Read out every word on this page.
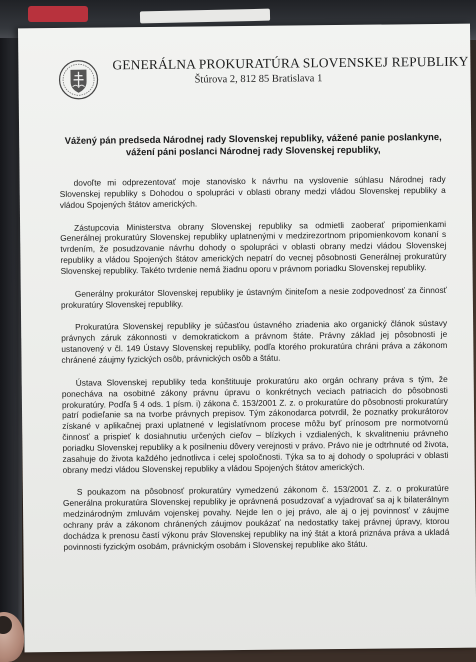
GENERÁLNA PROKURATÚRA SLOVENSKEJ REPUBLIKY
Štúrova 2, 812 85 Bratislava 1
Vážený pán predseda Národnej rady Slovenskej republiky, vážené panie poslankyne, vážení páni poslanci Národnej rady Slovenskej republiky,

dovoľte mi odprezentovať moje stanovisko k návrhu na vyslovenie súhlasu Národnej rady Slovenskej republiky s Dohodou o spolupráci v oblasti obrany medzi vládou Slovenskej republiky a vládou Spojených štátov amerických.

Zástupcovia Ministerstva obrany Slovenskej republiky sa odmietli zaoberať pripomienkami Generálnej prokuratúry Slovenskej republiky uplatnenými v medzirezortnom pripomienkovom konaní s tvrdením, že posudzovanie návrhu dohody o spolupráci v oblasti obrany medzi vládou Slovenskej republiky a vládou Spojených štátov amerických nepatrí do vecnej pôsobnosti Generálnej prokuratúry Slovenskej republiky. Takéto tvrdenie nemá žiadnu oporu v právnom poriadku Slovenskej republiky.

Generálny prokurátor Slovenskej republiky je ústavným činiteľom a nesie zodpovednosť za činnosť prokuratúry Slovenskej republiky.

Prokuratúra Slovenskej republiky je súčasťou ústavného zriadenia ako organický článok sústavy právnych záruk zákonnosti v demokratickom a právnom štáte. Právny základ jej pôsobnosti je ustanovený v čl. 149 Ústavy Slovenskej republiky, podľa ktorého prokuratúra chráni práva a zákonom chránené záujmy fyzických osôb, právnických osôb a štátu.

Ústava Slovenskej republiky teda konštituuje prokuratúru ako orgán ochrany práva s tým, že ponecháva na osobitné zákony právnu úpravu o konkrétnych veciach patriacich do pôsobnosti prokuratúry. Podľa § 4 ods. 1 písm. i) zákona č. 153/2001 Z. z. o prokuratúre do pôsobnosti prokuratúry patrí podieľanie sa na tvorbe právnych prepisov. Tým zákonodarca potvrdil, že poznatky prokurátorov získané v aplikačnej praxi uplatnené v legislatívnom procese môžu byť prínosom pre normotvornú činnosť a prispieť k dosiahnutiu určených cieľov – blízkych i vzdialených, k skvalitneniu právneho poriadku Slovenskej republiky a k posilneniu dôvery verejnosti v právo. Právo nie je odtrhnuté od života, zasahuje do života každého jednotlivca i celej spoločnosti. Týka sa to aj dohody o spolupráci v oblasti obrany medzi vládou Slovenskej republiky a vládou Spojených štátov amerických.

S poukazom na pôsobnosť prokuratúry vymedzenú zákonom č. 153/2001 Z. z. o prokuratúre Generálna prokuratúra Slovenskej republiky je oprávnená posudzovať a vyjadrovať sa aj k bilaterálnym medzinárodným zmluvám vojenskej povahy. Nejde len o jej právo, ale aj o jej povinnosť v záujme ochrany práv a zákonom chránených záujmov poukázať na nedostatky takej právnej úpravy, ktorou dochádza k prenosu častí výkonu práv Slovenskej republiky na iný štát a ktorá priznáva práva a ukladá povinnosti fyzickým osobám, právnickým osobám i Slovenskej republike ako štátu.
